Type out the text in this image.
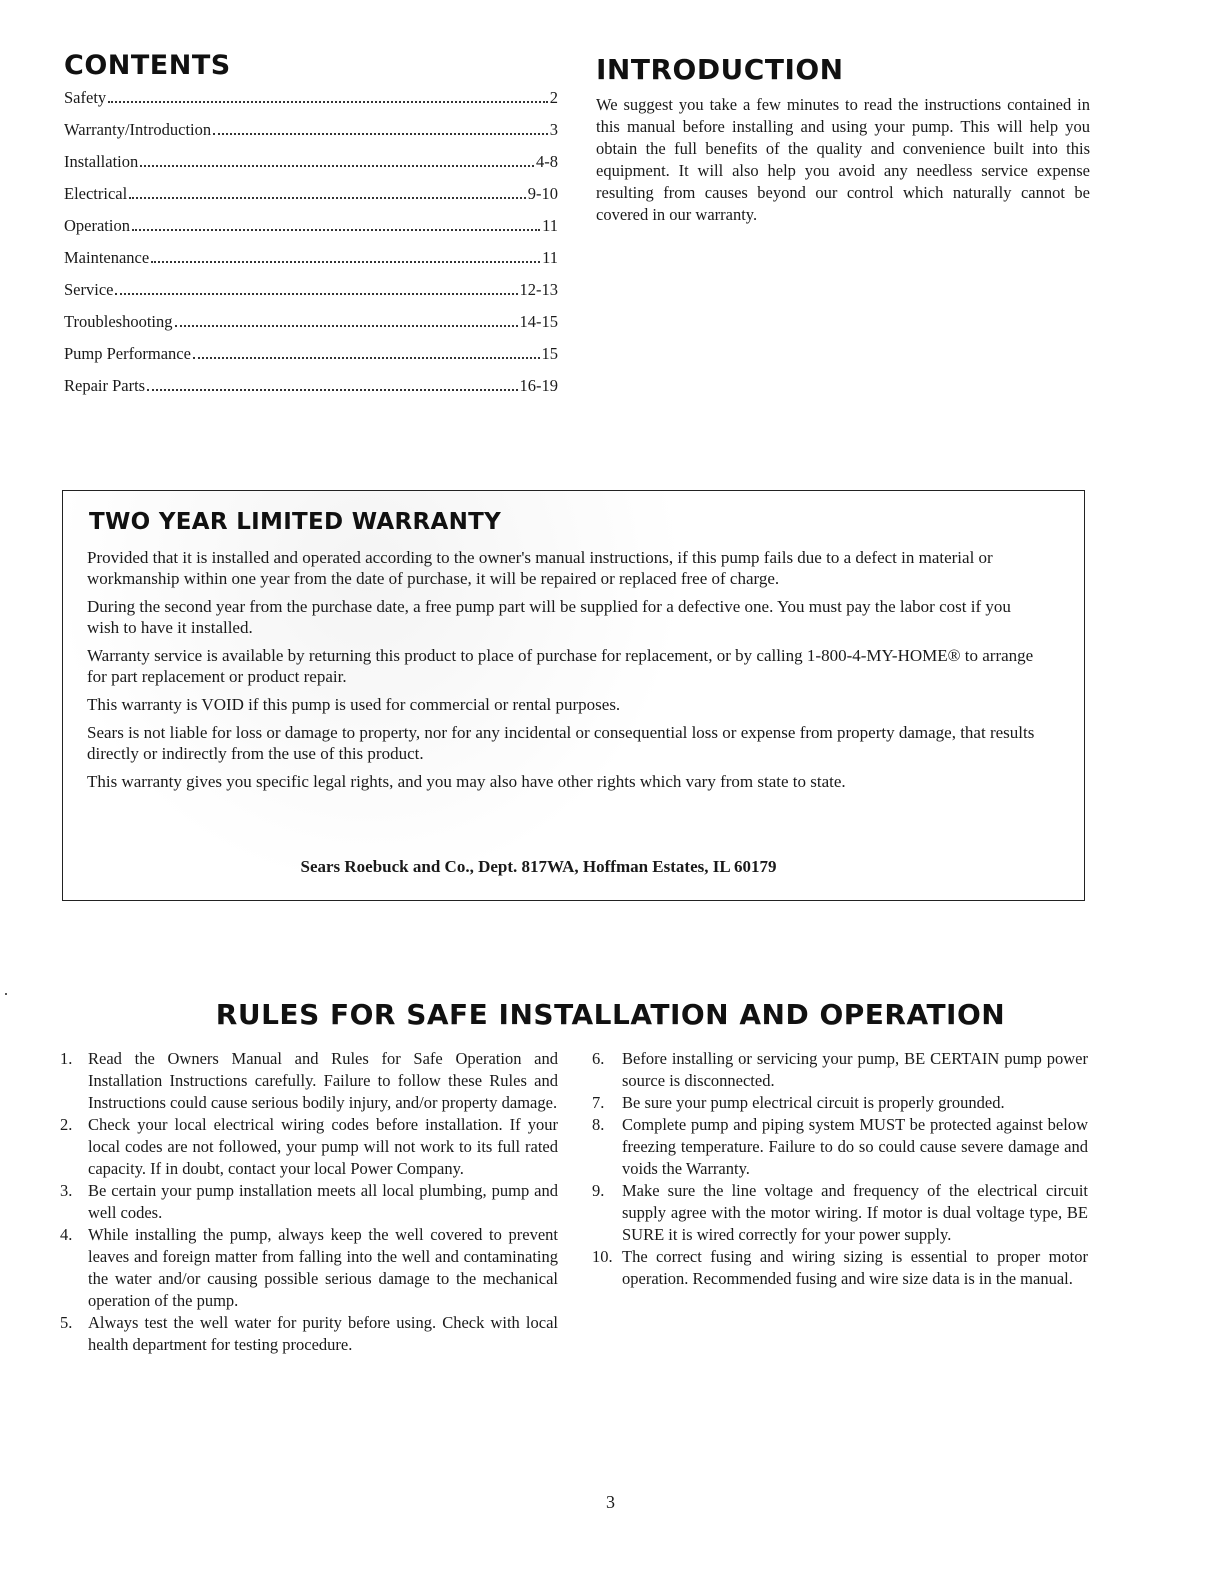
CONTENTS
Safety	2
Warranty/Introduction	3
Installation	4-8
Electrical	9-10
Operation	11
Maintenance	11
Service	12-13
Troubleshooting	14-15
Pump Performance	15
Repair Parts	16-19
INTRODUCTION

We suggest you take a few minutes to read the instructions contained in this manual before installing and using your pump. This will help you obtain the full benefits of the quality and convenience built into this equipment. It will also help you avoid any needless service expense resulting from causes beyond our control which naturally cannot be covered in our warranty.

TWO YEAR LIMITED WARRANTY

Provided that it is installed and operated according to the owner's manual instructions, if this pump fails due to a defect in material or workmanship within one year from the date of purchase, it will be repaired or replaced free of charge.

During the second year from the purchase date, a free pump part will be supplied for a defective one. You must pay the labor cost if you wish to have it installed.

Warranty service is available by returning this product to place of purchase for replacement, or by calling 1-800-4-MY-HOME® to arrange for part replacement or product repair.

This warranty is VOID if this pump is used for commercial or rental purposes.

Sears is not liable for loss or damage to property, nor for any incidental or consequential loss or expense from property damage, that results directly or indirectly from the use of this product.

This warranty gives you specific legal rights, and you may also have other rights which vary from state to state.

Sears Roebuck and Co., Dept. 817WA, Hoffman Estates, IL 60179

RULES FOR SAFE INSTALLATION AND OPERATION
1. Read the Owners Manual and Rules for Safe Operation and Installation Instructions carefully. Failure to follow these Rules and Instructions could cause serious bodily injury, and/or property damage.
2. Check your local electrical wiring codes before installation. If your local codes are not followed, your pump will not work to its full rated capacity. If in doubt, contact your local Power Company.
3. Be certain your pump installation meets all local plumbing, pump and well codes.
4. While installing the pump, always keep the well covered to prevent leaves and foreign matter from falling into the well and contaminating the water and/or causing possible serious damage to the mechanical operation of the pump.
5. Always test the well water for purity before using. Check with local health department for testing procedure.
6. Before installing or servicing your pump, BE CERTAIN pump power source is disconnected.
7. Be sure your pump electrical circuit is properly grounded.
8. Complete pump and piping system MUST be protected against below freezing temperature. Failure to do so could cause severe damage and voids the Warranty.
9. Make sure the line voltage and frequency of the electrical circuit supply agree with the motor wiring. If motor is dual voltage type, BE SURE it is wired correctly for your power supply.
10. The correct fusing and wiring sizing is essential to proper motor operation. Recommended fusing and wire size data is in the manual.

3
